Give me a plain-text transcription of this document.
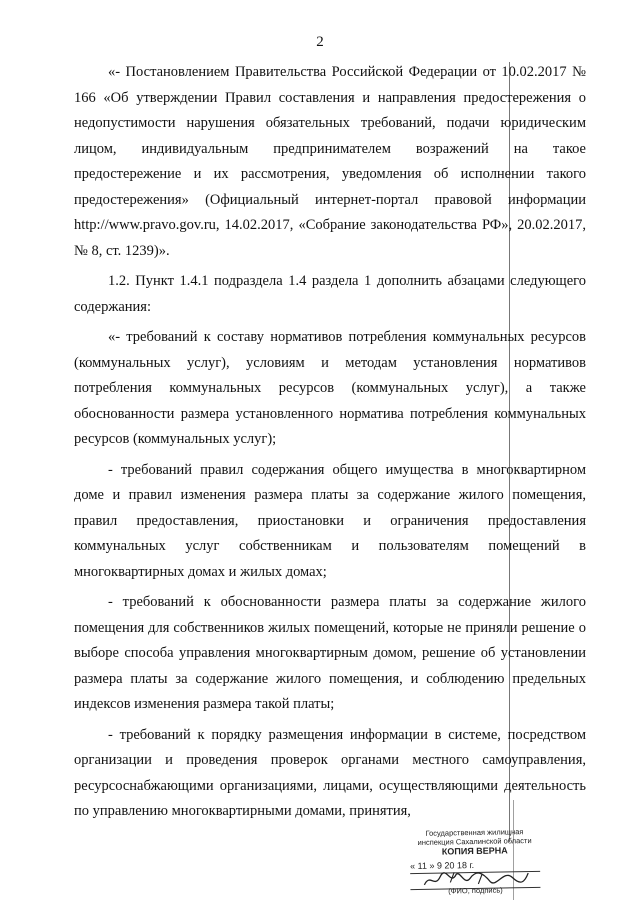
2

«- Постановлением Правительства Российской Федерации от 10.02.2017 № 166 «Об утверждении Правил составления и направления предостережения о недопустимости нарушения обязательных требований, подачи юридическим лицом, индивидуальным предпринимателем возражений на такое предостережение и их рассмотрения, уведомления об исполнении такого предостережения» (Официальный интернет-портал правовой информации http://www.pravo.gov.ru, 14.02.2017, «Собрание законодательства РФ», 20.02.2017, № 8, ст. 1239)».

1.2. Пункт 1.4.1 подраздела 1.4 раздела 1 дополнить абзацами следующего содержания:

«- требований к составу нормативов потребления коммунальных ресурсов (коммунальных услуг), условиям и методам установления нормативов потребления коммунальных ресурсов (коммунальных услуг), а также обоснованности размера установленного норматива потребления коммунальных ресурсов (коммунальных услуг);

- требований правил содержания общего имущества в многоквартирном доме и правил изменения размера платы за содержание жилого помещения, правил предоставления, приостановки и ограничения предоставления коммунальных услуг собственникам и пользователям помещений в многоквартирных домах и жилых домах;

- требований к обоснованности размера платы за содержание жилого помещения для собственников жилых помещений, которые не приняли решение о выборе способа управления многоквартирным домом, решение об установлении размера платы за содержание жилого помещения, и соблюдению предельных индексов изменения размера такой платы;

- требований к порядку размещения информации в системе, посредством организации и проведения проверок органами местного самоуправления, ресурсоснабжающими организациями, лицами, осуществляющими деятельность по управлению многоквартирными домами, принятия,

Государственная жилищная
инспекция Сахалинской области
КОПИЯ ВЕРНА
« 11 » 9 20 18 г.
(ФИО, подпись)
